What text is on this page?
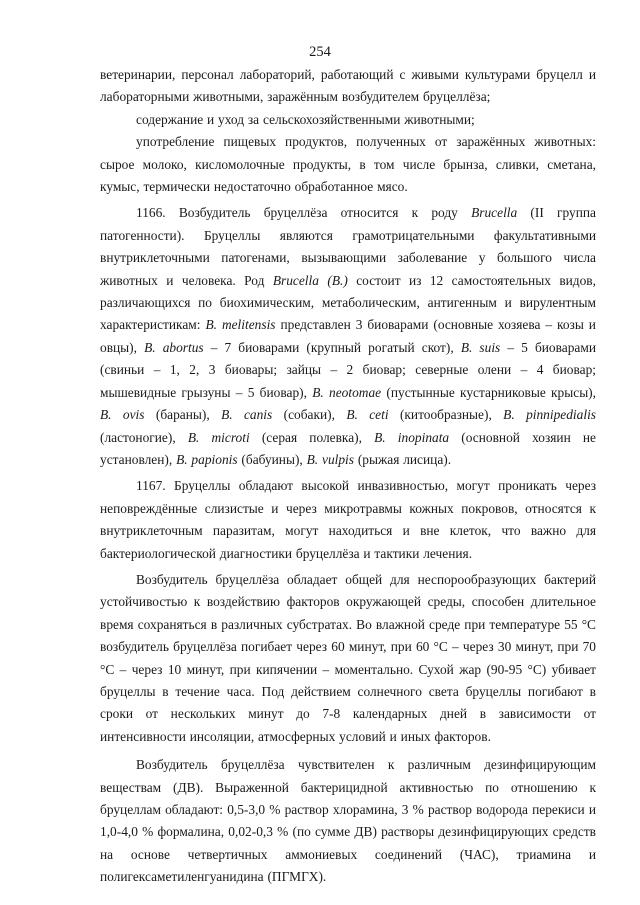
254

ветеринарии, персонал лабораторий, работающий с живыми культурами бруцелл и лабораторными животными, заражённым возбудителем бруцеллёза;

содержание и уход за сельскохозяйственными животными;

употребление пищевых продуктов, полученных от заражённых животных: сырое молоко, кисломолочные продукты, в том числе брынза, сливки, сметана, кумыс, термически недостаточно обработанное мясо.

1166. Возбудитель бруцеллёза относится к роду Brucella (II группа патогенности). Бруцеллы являются грамотрицательными факультативными внутриклеточными патогенами, вызывающими заболевание у большого числа животных и человека. Род Brucella (B.) состоит из 12 самостоятельных видов, различающихся по биохимическим, метаболическим, антигенным и вирулентным характеристикам: B. melitensis представлен 3 биоварами (основные хозяева – козы и овцы), B. abortus – 7 биоварами (крупный рогатый скот), B. suis – 5 биоварами (свиньи – 1, 2, 3 биовары; зайцы – 2 биовар; северные олени – 4 биовар; мышевидные грызуны – 5 биовар), B. neotomae (пустынные кустарниковые крысы), B. ovis (бараны), B. canis (собаки), B. ceti (китообразные), B. pinnipedialis (ластоногие), B. microti (серая полевка), B. inopinata (основной хозяин не установлен), B. papionis (бабуины), B. vulpis (рыжая лисица).

1167. Бруцеллы обладают высокой инвазивностью, могут проникать через неповреждённые слизистые и через микротравмы кожных покровов, относятся к внутриклеточным паразитам, могут находиться и вне клеток, что важно для бактериологической диагностики бруцеллёза и тактики лечения.

Возбудитель бруцеллёза обладает общей для неспорообразующих бактерий устойчивостью к воздействию факторов окружающей среды, способен длительное время сохраняться в различных субстратах. Во влажной среде при температуре 55 °C возбудитель бруцеллёза погибает через 60 минут, при 60 °C – через 30 минут, при 70 °C – через 10 минут, при кипячении – моментально. Сухой жар (90-95 °C) убивает бруцеллы в течение часа. Под действием солнечного света бруцеллы погибают в сроки от нескольких минут до 7-8 календарных дней в зависимости от интенсивности инсоляции, атмосферных условий и иных факторов.

Возбудитель бруцеллёза чувствителен к различным дезинфицирующим веществам (ДВ). Выраженной бактерицидной активностью по отношению к бруцеллам обладают: 0,5-3,0 % раствор хлорамина, 3 % раствор водорода перекиси и 1,0-4,0 % формалина, 0,02-0,3 % (по сумме ДВ) растворы дезинфицирующих средств на основе четвертичных аммониевых соединений (ЧАС), триамина и полигексаметиленгуанидина (ПГМГХ).
